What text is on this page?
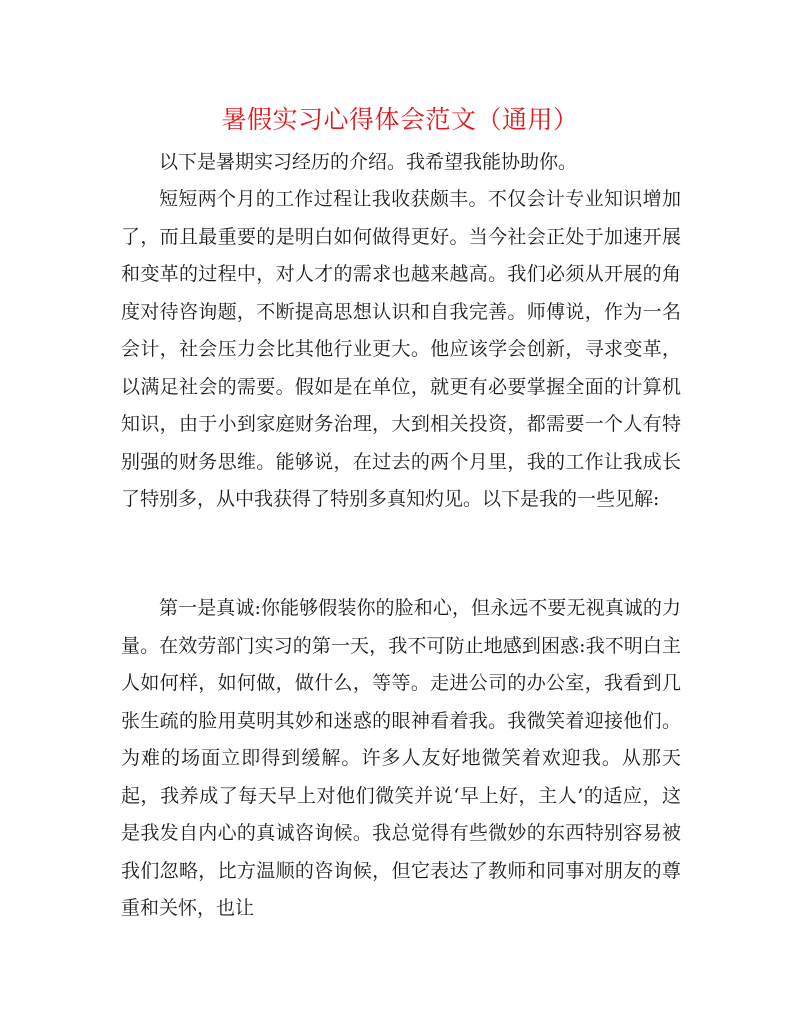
暑假实习心得体会范文（通用）

以下是暑期实习经历的介绍。我希望我能协助你。

短短两个月的工作过程让我收获颇丰。不仅会计专业知识增加了，而且最重要的是明白如何做得更好。当今社会正处于加速开展和变革的过程中，对人才的需求也越来越高。我们必须从开展的角度对待咨询题，不断提高思想认识和自我完善。师傅说，作为一名会计，社会压力会比其他行业更大。他应该学会创新，寻求变革，以满足社会的需要。假如是在单位，就更有必要掌握全面的计算机知识，由于小到家庭财务治理，大到相关投资，都需要一个人有特别强的财务思维。能够说，在过去的两个月里，我的工作让我成长了特别多，从中我获得了特别多真知灼见。以下是我的一些见解:

第一是真诚:你能够假装你的脸和心，但永远不要无视真诚的力量。在效劳部门实习的第一天，我不可防止地感到困惑:我不明白主人如何样，如何做，做什么，等等。走进公司的办公室，我看到几张生疏的脸用莫明其妙和迷惑的眼神看着我。我微笑着迎接他们。为难的场面立即得到缓解。许多人友好地微笑着欢迎我。从那天起，我养成了每天早上对他们微笑并说‘早上好，主人’的适应，这是我发自内心的真诚咨询候。我总觉得有些微妙的东西特别容易被我们忽略，比方温顺的咨询候，但它表达了教师和同事对朋友的尊重和关怀，也让
